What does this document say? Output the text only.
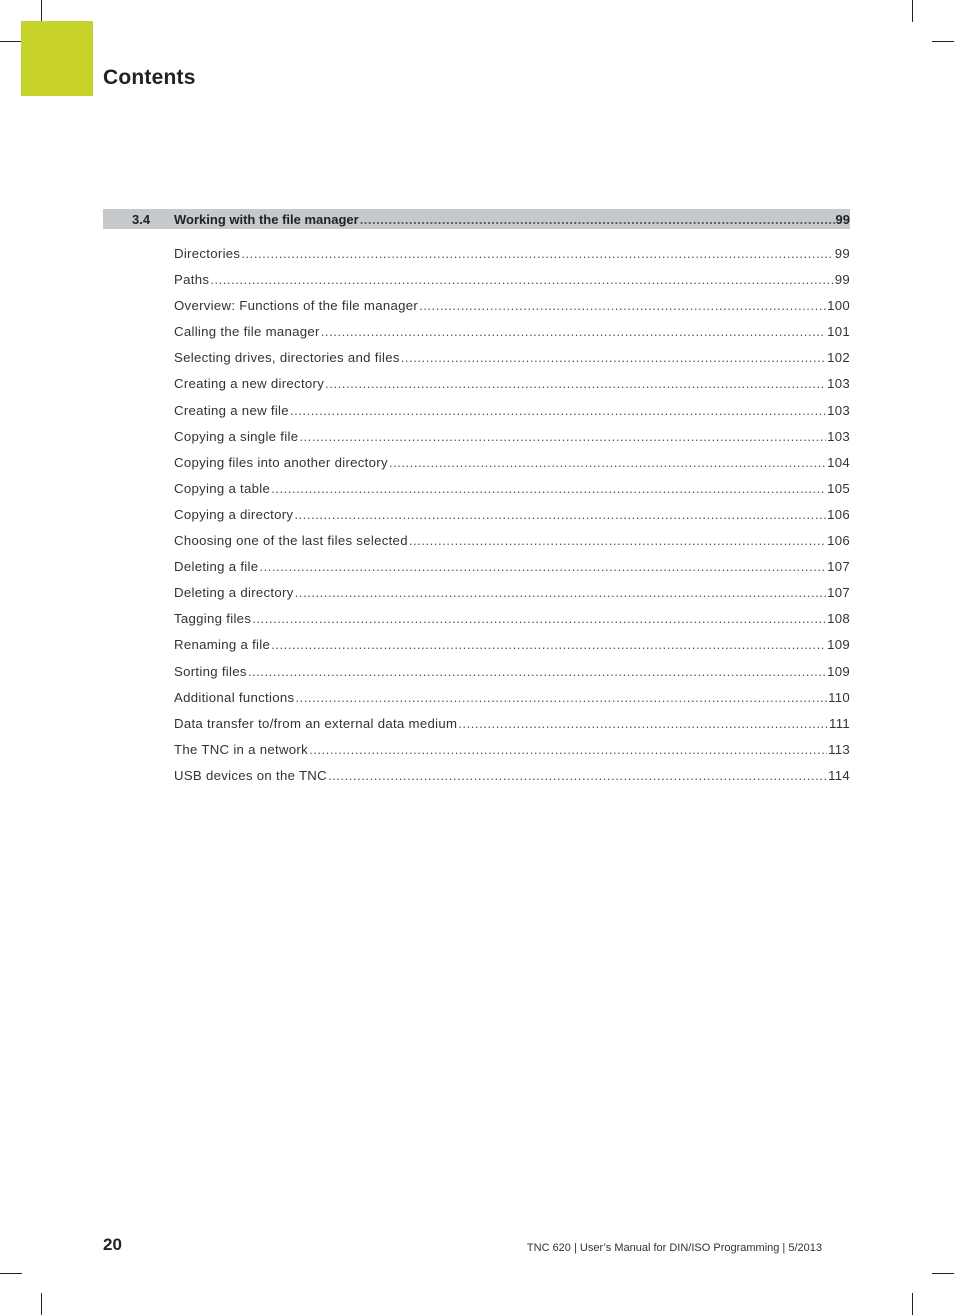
Contents
3.4 Working with the file manager .....	99
Directories .....	99
Paths .....	99
Overview: Functions of the file manager .....	100
Calling the file manager .....	101
Selecting drives, directories and files .....	102
Creating a new directory .....	103
Creating a new file .....	103
Copying a single file .....	103
Copying files into another directory .....	104
Copying a table .....	105
Copying a directory .....	106
Choosing one of the last files selected .....	106
Deleting a file .....	107
Deleting a directory .....	107
Tagging files .....	108
Renaming a file .....	109
Sorting files .....	109
Additional functions .....	110
Data transfer to/from an external data medium .....	111
The TNC in a network .....	113
USB devices on the TNC .....	114
20	TNC 620 | User’s Manual for DIN/ISO Programming | 5/2013
